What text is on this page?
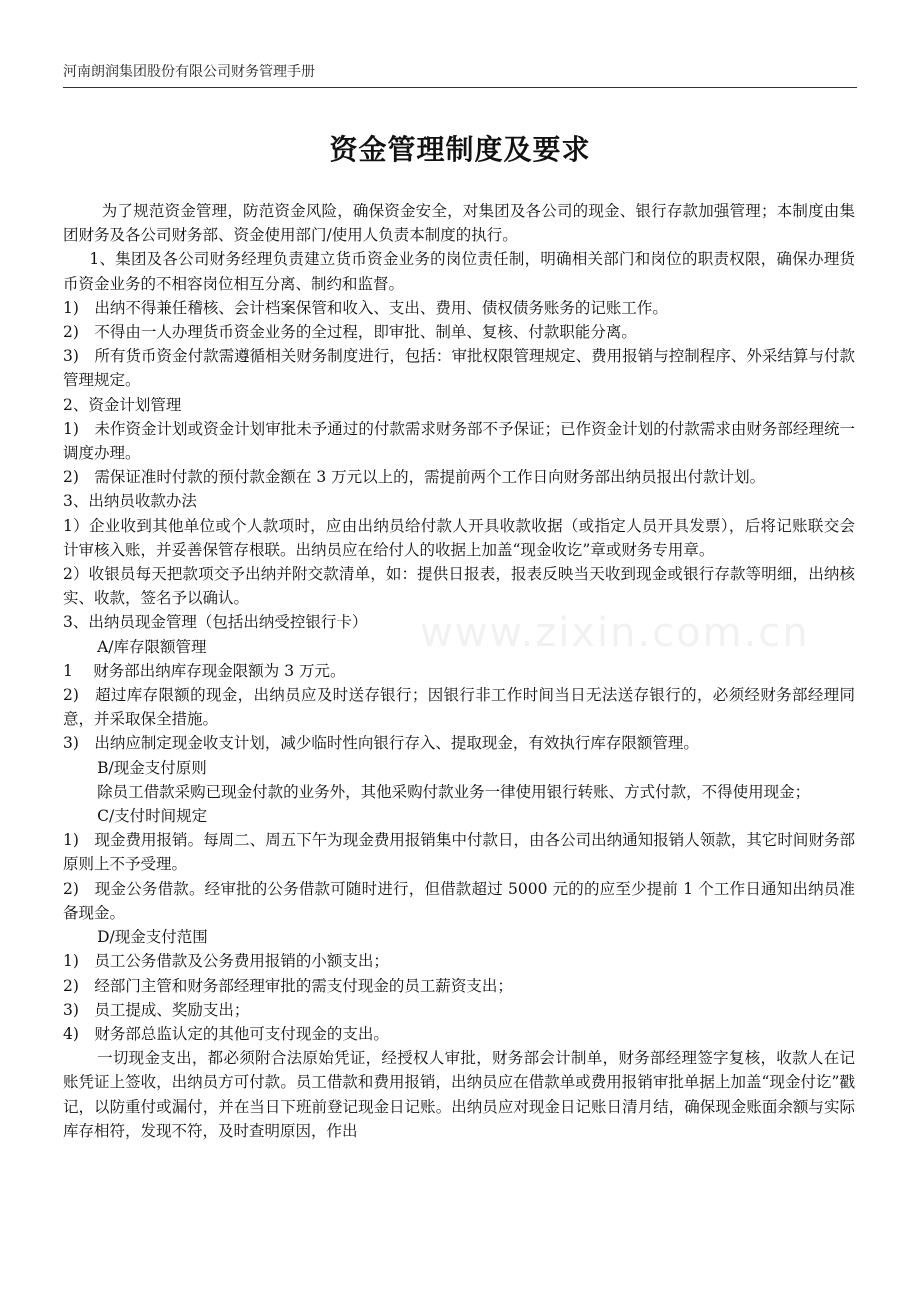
河南朗润集团股份有限公司财务管理手册
资金管理制度及要求
www.zixin.com.cn

为了规范资金管理，防范资金风险，确保资金安全，对集团及各公司的现金、银行存款加强管理；本制度由集团财务及各公司财务部、资金使用部门/使用人负责本制度的执行。

1、集团及各公司财务经理负责建立货币资金业务的岗位责任制，明确相关部门和岗位的职责权限，确保办理货币资金业务的不相容岗位相互分离、制约和监督。

1)　出纳不得兼任稽核、会计档案保管和收入、支出、费用、债权债务账务的记账工作。

2)　不得由一人办理货币资金业务的全过程，即审批、制单、复核、付款职能分离。

3)　所有货币资金付款需遵循相关财务制度进行，包括：审批权限管理规定、费用报销与控制程序、外采结算与付款管理规定。

2、资金计划管理

1)　未作资金计划或资金计划审批未予通过的付款需求财务部不予保证；已作资金计划的付款需求由财务部经理统一调度办理。

2)　需保证准时付款的预付款金额在 3 万元以上的，需提前两个工作日向财务部出纳员报出付款计划。

3、出纳员收款办法

1）企业收到其他单位或个人款项时，应由出纳员给付款人开具收款收据（或指定人员开具发票），后将记账联交会计审核入账，并妥善保管存根联。出纳员应在给付人的收据上加盖“现金收讫”章或财务专用章。

2）收银员每天把款项交予出纳并附交款清单，如：提供日报表，报表反映当天收到现金或银行存款等明细，出纳核实、收款，签名予以确认。

3、出纳员现金管理（包括出纳受控银行卡）

A/库存限额管理

1　 财务部出纳库存现金限额为 3 万元。

2)　超过库存限额的现金，出纳员应及时送存银行；因银行非工作时间当日无法送存银行的，必须经财务部经理同意，并采取保全措施。

3)　出纳应制定现金收支计划，减少临时性向银行存入、提取现金，有效执行库存限额管理。

B/现金支付原则

除员工借款采购已现金付款的业务外，其他采购付款业务一律使用银行转账、方式付款，不得使用现金；

C/支付时间规定

1)　现金费用报销。每周二、周五下午为现金费用报销集中付款日，由各公司出纳通知报销人领款，其它时间财务部原则上不予受理。

2)　现金公务借款。经审批的公务借款可随时进行，但借款超过 5000 元的的应至少提前 1 个工作日通知出纳员准备现金。

D/现金支付范围

1)　员工公务借款及公务费用报销的小额支出；

2)　经部门主管和财务部经理审批的需支付现金的员工薪资支出；

3)　员工提成、奖励支出；

4)　财务部总监认定的其他可支付现金的支出。

一切现金支出，都必须附合法原始凭证，经授权人审批，财务部会计制单，财务部经理签字复核，收款人在记账凭证上签收，出纳员方可付款。员工借款和费用报销，出纳员应在借款单或费用报销审批单据上加盖“现金付讫”戳记，以防重付或漏付，并在当日下班前登记现金日记账。出纳员应对现金日记账日清月结，确保现金账面余额与实际库存相符，发现不符，及时查明原因，作出
